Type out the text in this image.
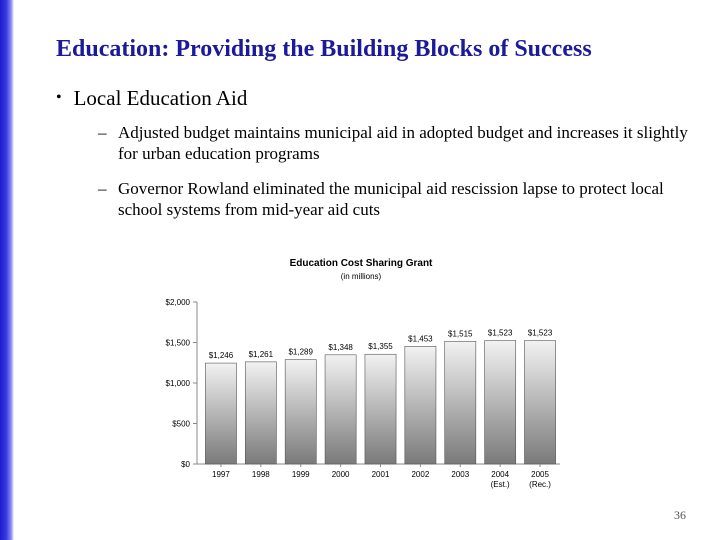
Education: Providing the Building Blocks of Success
• Local Education Aid
– Adjusted budget maintains municipal aid in adopted budget and increases it slightly for urban education programs
– Governor Rowland eliminated the municipal aid rescission lapse to protect local school systems from mid-year aid cuts
Education Cost Sharing Grant
(in millions)
$0
$500
$1,000
$1,500
$2,000
$1,246
1997
$1,261
1998
$1,289
1999
$1,348
2000
$1,355
2001
$1,453
2002
$1,515
2003
$1,523
2004
(Est.)
$1,523
2005
(Rec.)
36
